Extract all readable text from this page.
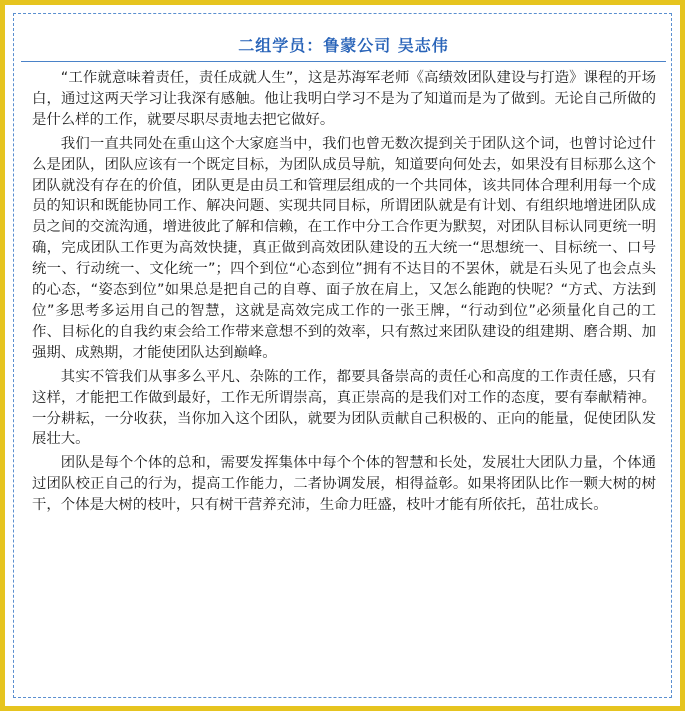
二组学员：鲁蒙公司 吴志伟

“工作就意味着责任，责任成就人生”，这是苏海军老师《高绩效团队建设与打造》课程的开场白，通过这两天学习让我深有感触。他让我明白学习不是为了知道而是为了做到。无论自己所做的是什么样的工作，就要尽职尽责地去把它做好。

我们一直共同处在重山这个大家庭当中，我们也曾无数次提到关于团队这个词，也曾讨论过什么是团队，团队应该有一个既定目标，为团队成员导航，知道要向何处去，如果没有目标那么这个团队就没有存在的价值，团队更是由员工和管理层组成的一个共同体，该共同体合理利用每一个成员的知识和既能协同工作、解决问题、实现共同目标，所谓团队就是有计划、有组织地增进团队成员之间的交流沟通，增进彼此了解和信赖，在工作中分工合作更为默契，对团队目标认同更统一明确，完成团队工作更为高效快捷，真正做到高效团队建设的五大统一“思想统一、目标统一、口号统一、行动统一、文化统一”；四个到位“心态到位”拥有不达目的不罢休，就是石头见了也会点头的心态，“姿态到位”如果总是把自己的自尊、面子放在肩上，又怎么能跑的快呢？“方式、方法到位”多思考多运用自己的智慧，这就是高效完成工作的一张王牌，“行动到位”必须量化自己的工作、目标化的自我约束会给工作带来意想不到的效率，只有熬过来团队建设的组建期、磨合期、加强期、成熟期，才能使团队达到巅峰。

其实不管我们从事多么平凡、杂陈的工作，都要具备崇高的责任心和高度的工作责任感，只有这样，才能把工作做到最好，工作无所谓崇高，真正崇高的是我们对工作的态度，要有奉献精神。一分耕耘，一分收获，当你加入这个团队，就要为团队贡献自己积极的、正向的能量，促使团队发展壮大。

团队是每个个体的总和，需要发挥集体中每个个体的智慧和长处，发展壮大团队力量，个体通过团队校正自己的行为，提高工作能力，二者协调发展，相得益彰。如果将团队比作一颗大树的树干，个体是大树的枝叶，只有树干营养充沛，生命力旺盛，枝叶才能有所依托，茁壮成长。
